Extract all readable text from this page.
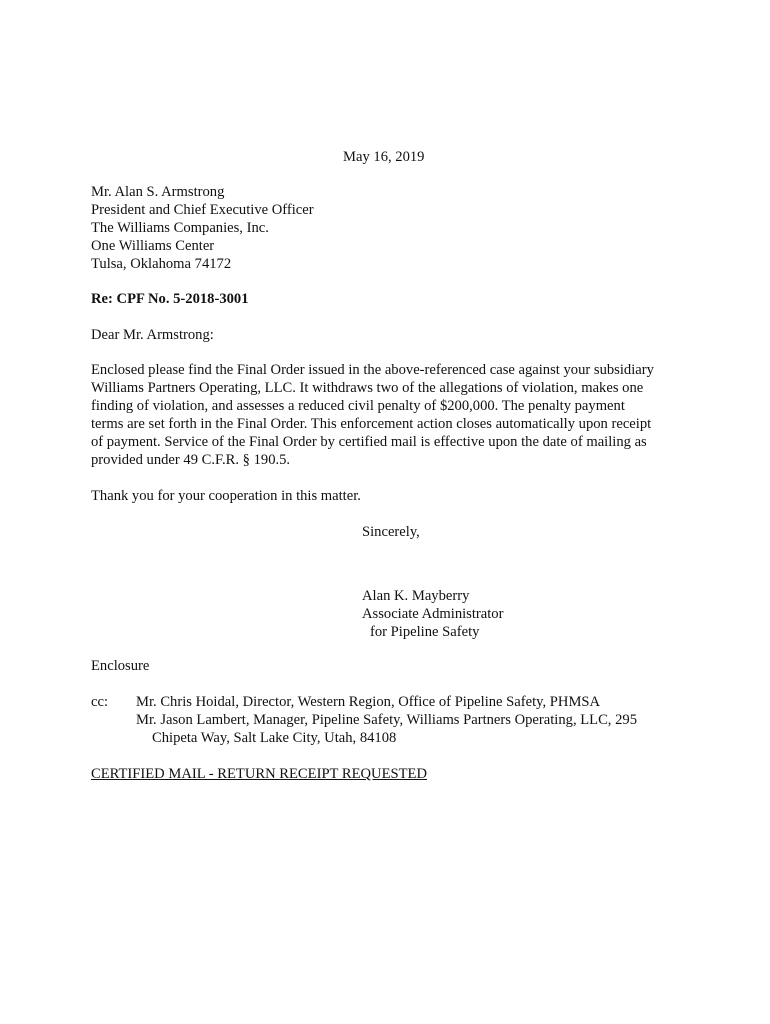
May 16, 2019
Mr. Alan S. Armstrong
President and Chief Executive Officer
The Williams Companies, Inc.
One Williams Center
Tulsa, Oklahoma 74172
Re: CPF No. 5-2018-3001
Dear Mr. Armstrong:
Enclosed please find the Final Order issued in the above-referenced case against your subsidiary
Williams Partners Operating, LLC. It withdraws two of the allegations of violation, makes one
finding of violation, and assesses a reduced civil penalty of $200,000. The penalty payment
terms are set forth in the Final Order. This enforcement action closes automatically upon receipt
of payment. Service of the Final Order by certified mail is effective upon the date of mailing as
provided under 49 C.F.R. § 190.5.
Thank you for your cooperation in this matter.
Sincerely,
Alan K. Mayberry
Associate Administrator
for Pipeline Safety
Enclosure
cc: Mr. Chris Hoidal, Director, Western Region, Office of Pipeline Safety, PHMSA
Mr. Jason Lambert, Manager, Pipeline Safety, Williams Partners Operating, LLC, 295
Chipeta Way, Salt Lake City, Utah, 84108
CERTIFIED MAIL - RETURN RECEIPT REQUESTED
